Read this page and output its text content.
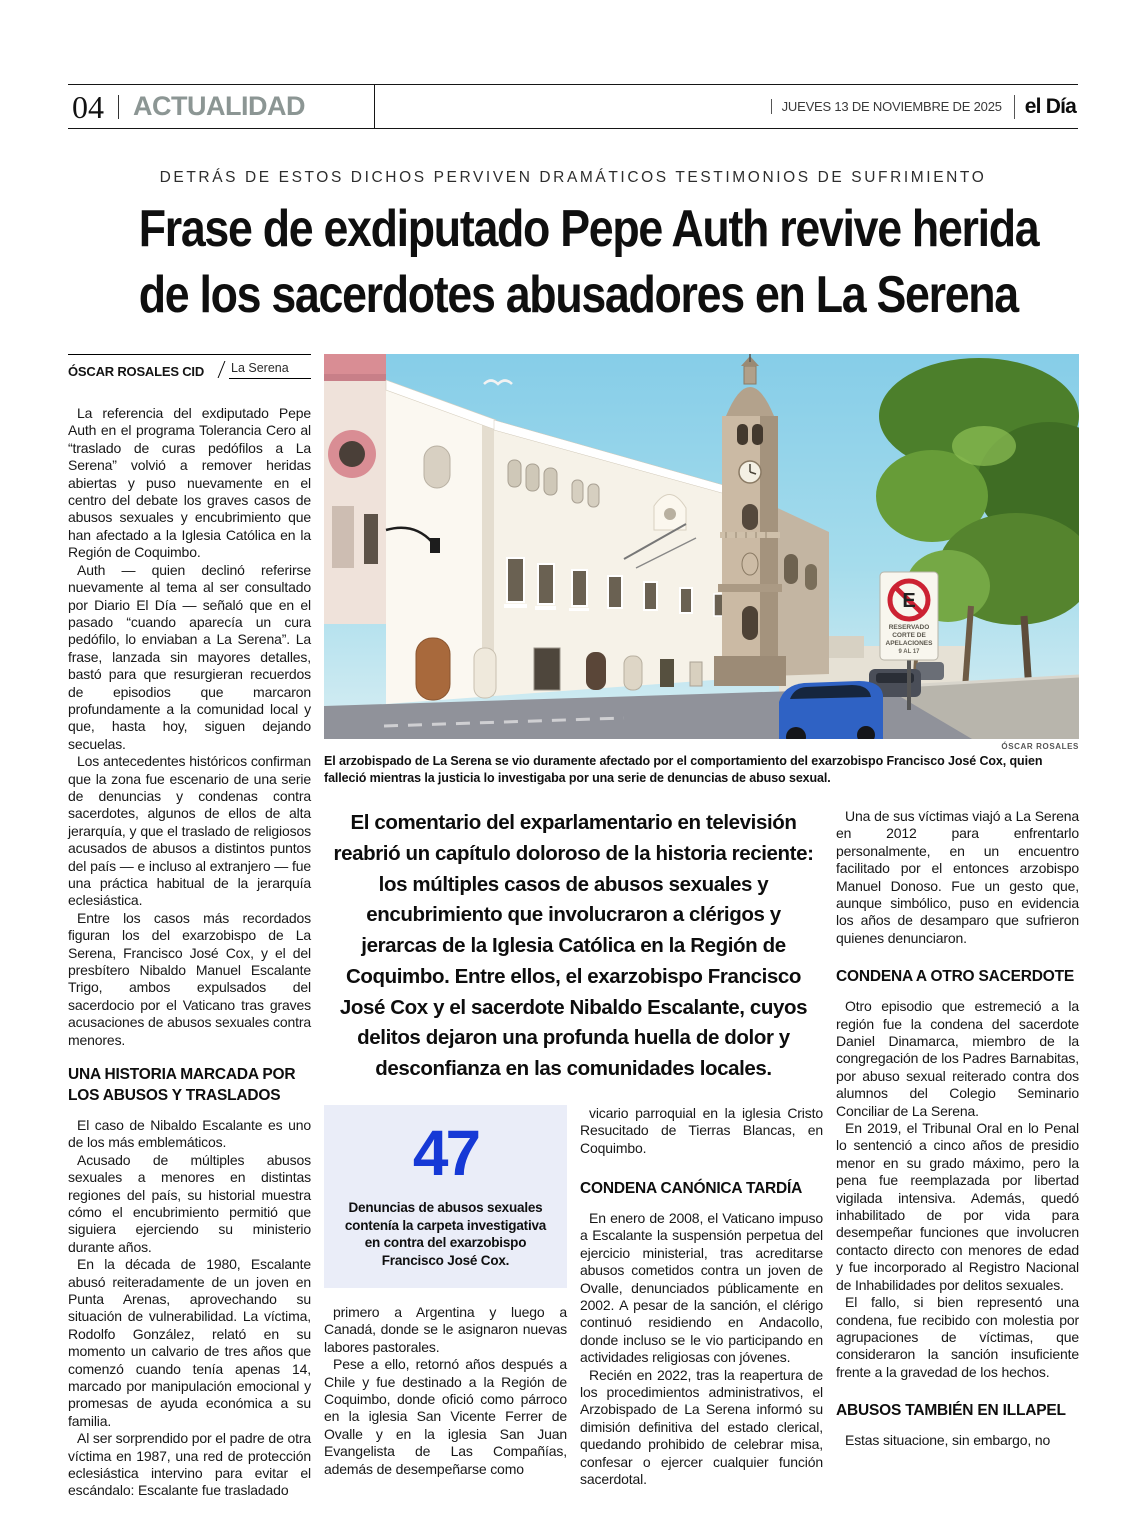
04 ACTUALIDAD	JUEVES 13 DE NOVIEMBRE DE 2025	el Día
DETRÁS DE ESTOS DICHOS PERVIVEN DRAMÁTICOS TESTIMONIOS DE SUFRIMIENTO
Frase de exdiputado Pepe Auth revive herida
de los sacerdotes abusadores en La Serena
ÓSCAR ROSALES CID La Serena

La referencia del exdiputado Pepe Auth en el programa Tolerancia Cero al “traslado de curas pedófilos a La Serena” volvió a remover heridas abiertas y puso nuevamente en el centro del debate los graves casos de abusos sexuales y encubrimiento que han afectado a la Iglesia Católica en la Región de Coquimbo.

Auth — quien declinó referirse nuevamente al tema al ser consultado por Diario El Día — señaló que en el pasado “cuando aparecía un cura pedófilo, lo enviaban a La Serena”. La frase, lanzada sin mayores detalles, bastó para que resurgieran recuerdos de episodios que marcaron profundamente a la comunidad local y que, hasta hoy, siguen dejando secuelas.

Los antecedentes históricos confirman que la zona fue escenario de una serie de denuncias y condenas contra sacerdotes, algunos de ellos de alta jerarquía, y que el traslado de religiosos acusados de abusos a distintos puntos del país — e incluso al extranjero — fue una práctica habitual de la jerarquía eclesiástica.

Entre los casos más recordados figuran los del exarzobispo de La Serena, Francisco José Cox, y el del presbítero Nibaldo Manuel Escalante Trigo, ambos expulsados del sacerdocio por el Vaticano tras graves acusaciones de abusos sexuales contra menores.

UNA HISTORIA MARCADA POR LOS ABUSOS Y TRASLADOS

El caso de Nibaldo Escalante es uno de los más emblemáticos.

Acusado de múltiples abusos sexuales a menores en distintas regiones del país, su historial muestra cómo el encubrimiento permitió que siguiera ejerciendo su ministerio durante años.

En la década de 1980, Escalante abusó reiteradamente de un joven en Punta Arenas, aprovechando su situación de vulnerabilidad. La víctima, Rodolfo González, relató en su momento un calvario de tres años que comenzó cuando tenía apenas 14, marcado por manipulación emocional y promesas de ayuda económica a su familia.

Al ser sorprendido por el padre de otra víctima en 1987, una red de protección eclesiástica intervino para evitar el escándalo: Escalante fue trasladado

E
RESERVADO
CORTE DE
APELACIONES
9 AL 17
ÓSCAR ROSALES
El arzobispado de La Serena se vio duramente afectado por el comportamiento del exarzobispo Francisco José Cox, quien falleció mientras la justicia lo investigaba por una serie de denuncias de abuso sexual.
El comentario del exparlamentario en televisión reabrió un capítulo doloroso de la historia reciente: los múltiples casos de abusos sexuales y encubrimiento que involucraron a clérigos y jerarcas de la Iglesia Católica en la Región de Coquimbo. Entre ellos, el exarzobispo Francisco José Cox y el sacerdote Nibaldo Escalante, cuyos delitos dejaron una profunda huella de dolor y desconfianza en las comunidades locales.
47
Denuncias de abusos sexuales contenía la carpeta investigativa en contra del exarzobispo Francisco José Cox.

primero a Argentina y luego a Canadá, donde se le asignaron nuevas labores pastorales.

Pese a ello, retornó años después a Chile y fue destinado a la Región de Coquimbo, donde ofició como párroco en la iglesia San Vicente Ferrer de Ovalle y en la iglesia San Juan Evangelista de Las Compañías, además de desempeñarse como

vicario parroquial en la iglesia Cristo Resucitado de Tierras Blancas, en Coquimbo.

CONDENA CANÓNICA TARDÍA

En enero de 2008, el Vaticano impuso a Escalante la suspensión perpetua del ejercicio ministerial, tras acreditarse abusos cometidos contra un joven de Ovalle, denunciados públicamente en 2002. A pesar de la sanción, el clérigo continuó residiendo en Andacollo, donde incluso se le vio participando en actividades religiosas con jóvenes.

Recién en 2022, tras la reapertura de los procedimientos administrativos, el Arzobispado de La Serena informó su dimisión definitiva del estado clerical, quedando prohibido de celebrar misa, confesar o ejercer cualquier función sacerdotal.

Una de sus víctimas viajó a La Serena en 2012 para enfrentarlo personalmente, en un encuentro facilitado por el entonces arzobispo Manuel Donoso. Fue un gesto que, aunque simbólico, puso en evidencia los años de desamparo que sufrieron quienes denunciaron.

CONDENA A OTRO SACERDOTE

Otro episodio que estremeció a la región fue la condena del sacerdote Daniel Dinamarca, miembro de la congregación de los Padres Barnabitas, por abuso sexual reiterado contra dos alumnos del Colegio Seminario Conciliar de La Serena.

En 2019, el Tribunal Oral en lo Penal lo sentenció a cinco años de presidio menor en su grado máximo, pero la pena fue reemplazada por libertad vigilada intensiva. Además, quedó inhabilitado de por vida para desempeñar funciones que involucren contacto directo con menores de edad y fue incorporado al Registro Nacional de Inhabilidades por delitos sexuales.

El fallo, si bien representó una condena, fue recibido con molestia por agrupaciones de víctimas, que consideraron la sanción insuficiente frente a la gravedad de los hechos.

ABUSOS TAMBIÉN EN ILLAPEL

Estas situacione, sin embargo, no
